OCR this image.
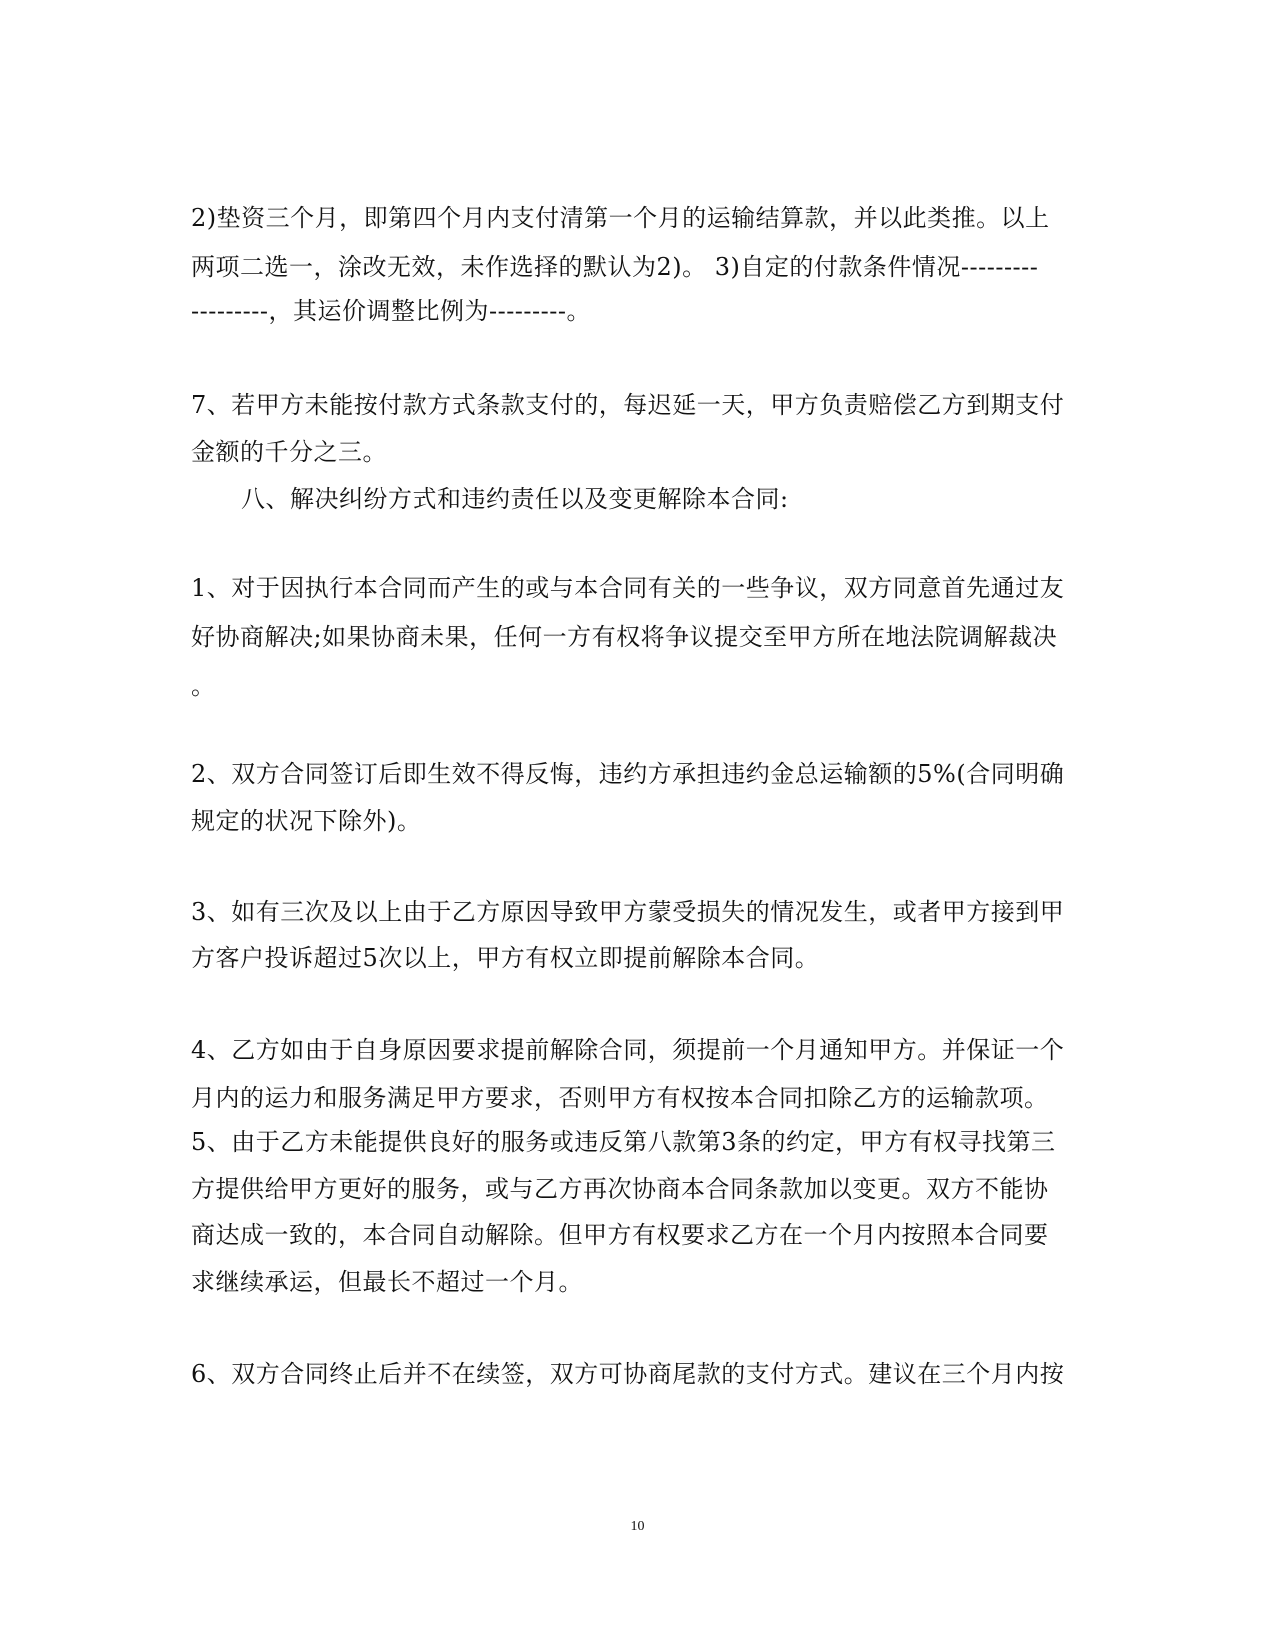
2)垫资三个月，即第四个月内支付清第一个月的运输结算款，并以此类推。以上
两项二选一，涂改无效，未作选择的默认为2)。 3)自定的付款条件情况---------
---------，其运价调整比例为---------。
7、若甲方未能按付款方式条款支付的，每迟延一天，甲方负责赔偿乙方到期支付
金额的千分之三。
八、解决纠纷方式和违约责任以及变更解除本合同:
1、对于因执行本合同而产生的或与本合同有关的一些争议，双方同意首先通过友
好协商解决;如果协商未果，任何一方有权将争议提交至甲方所在地法院调解裁决
。
2、双方合同签订后即生效不得反悔，违约方承担违约金总运输额的5%(合同明确
规定的状况下除外)。
3、如有三次及以上由于乙方原因导致甲方蒙受损失的情况发生，或者甲方接到甲
方客户投诉超过5次以上，甲方有权立即提前解除本合同。
4、乙方如由于自身原因要求提前解除合同，须提前一个月通知甲方。并保证一个
月内的运力和服务满足甲方要求，否则甲方有权按本合同扣除乙方的运输款项。
5、由于乙方未能提供良好的服务或违反第八款第3条的约定，甲方有权寻找第三
方提供给甲方更好的服务，或与乙方再次协商本合同条款加以变更。双方不能协
商达成一致的，本合同自动解除。但甲方有权要求乙方在一个月内按照本合同要
求继续承运，但最长不超过一个月。
6、双方合同终止后并不在续签，双方可协商尾款的支付方式。建议在三个月内按
10
